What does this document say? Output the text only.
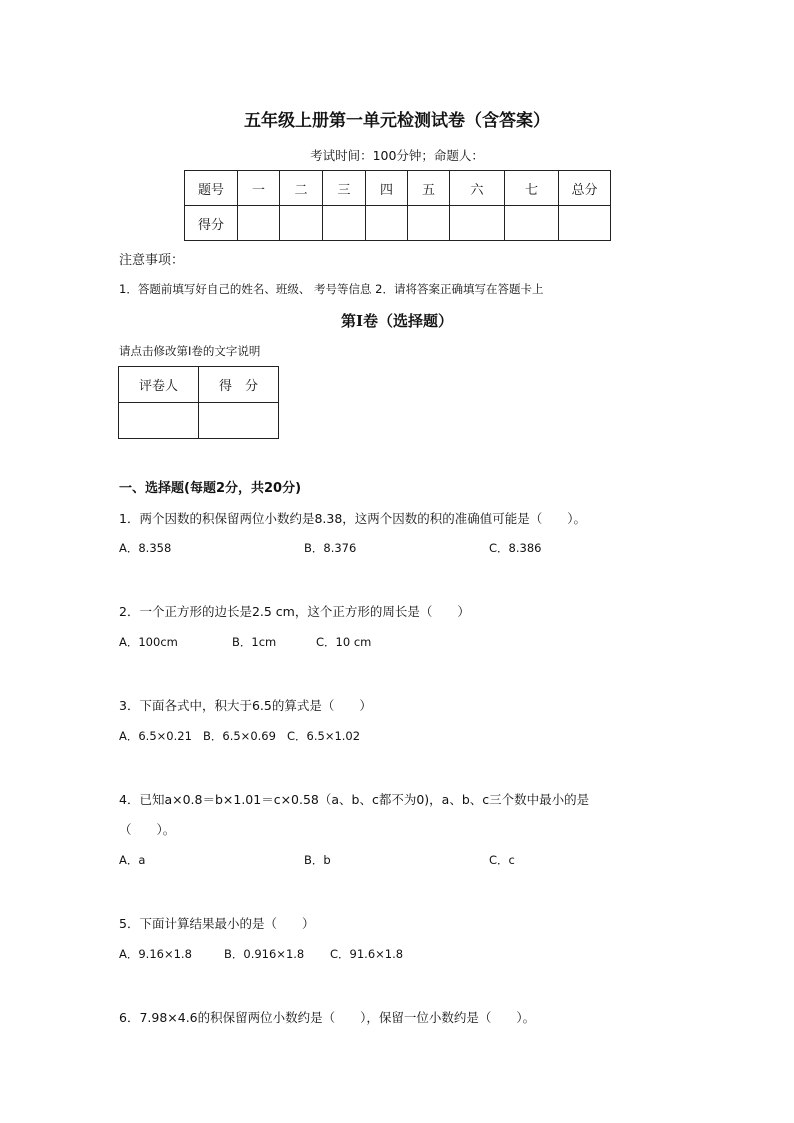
五年级上册第一单元检测试卷（含答案）
考试时间：100分钟；命题人：
题号	一	二	三	四	五	六	七	总分
得分								
注意事项：
1．答题前填写好自己的姓名、班级、 考号等信息 2．请将答案正确填写在答题卡上
第I卷（选择题）
请点击修改第I卷的文字说明
评卷人	得　分

一、选择题(每题2分，共20分)
1．两个因数的积保留两位小数约是8.38，这两个因数的积的准确值可能是（　　）。
A．8.358	B．8.376	C．8.386
2．一个正方形的边长是2.5 cm，这个正方形的周长是（　　）
A．100cm	B．1cm	C．10 cm
3．下面各式中，积大于6.5的算式是（　　）
A．6.5×0.21 B．6.5×0.69 C．6.5×1.02
4．已知a×0.8＝b×1.01＝c×0.58（a、b、c都不为0)，a、b、c三个数中最小的是
（　　）。
A．a	B．b	C．c
5．下面计算结果最小的是（　　）
A．9.16×1.8	B．0.916×1.8 C．91.6×1.8
6．7.98×4.6的积保留两位小数约是（　　），保留一位小数约是（　　）。
